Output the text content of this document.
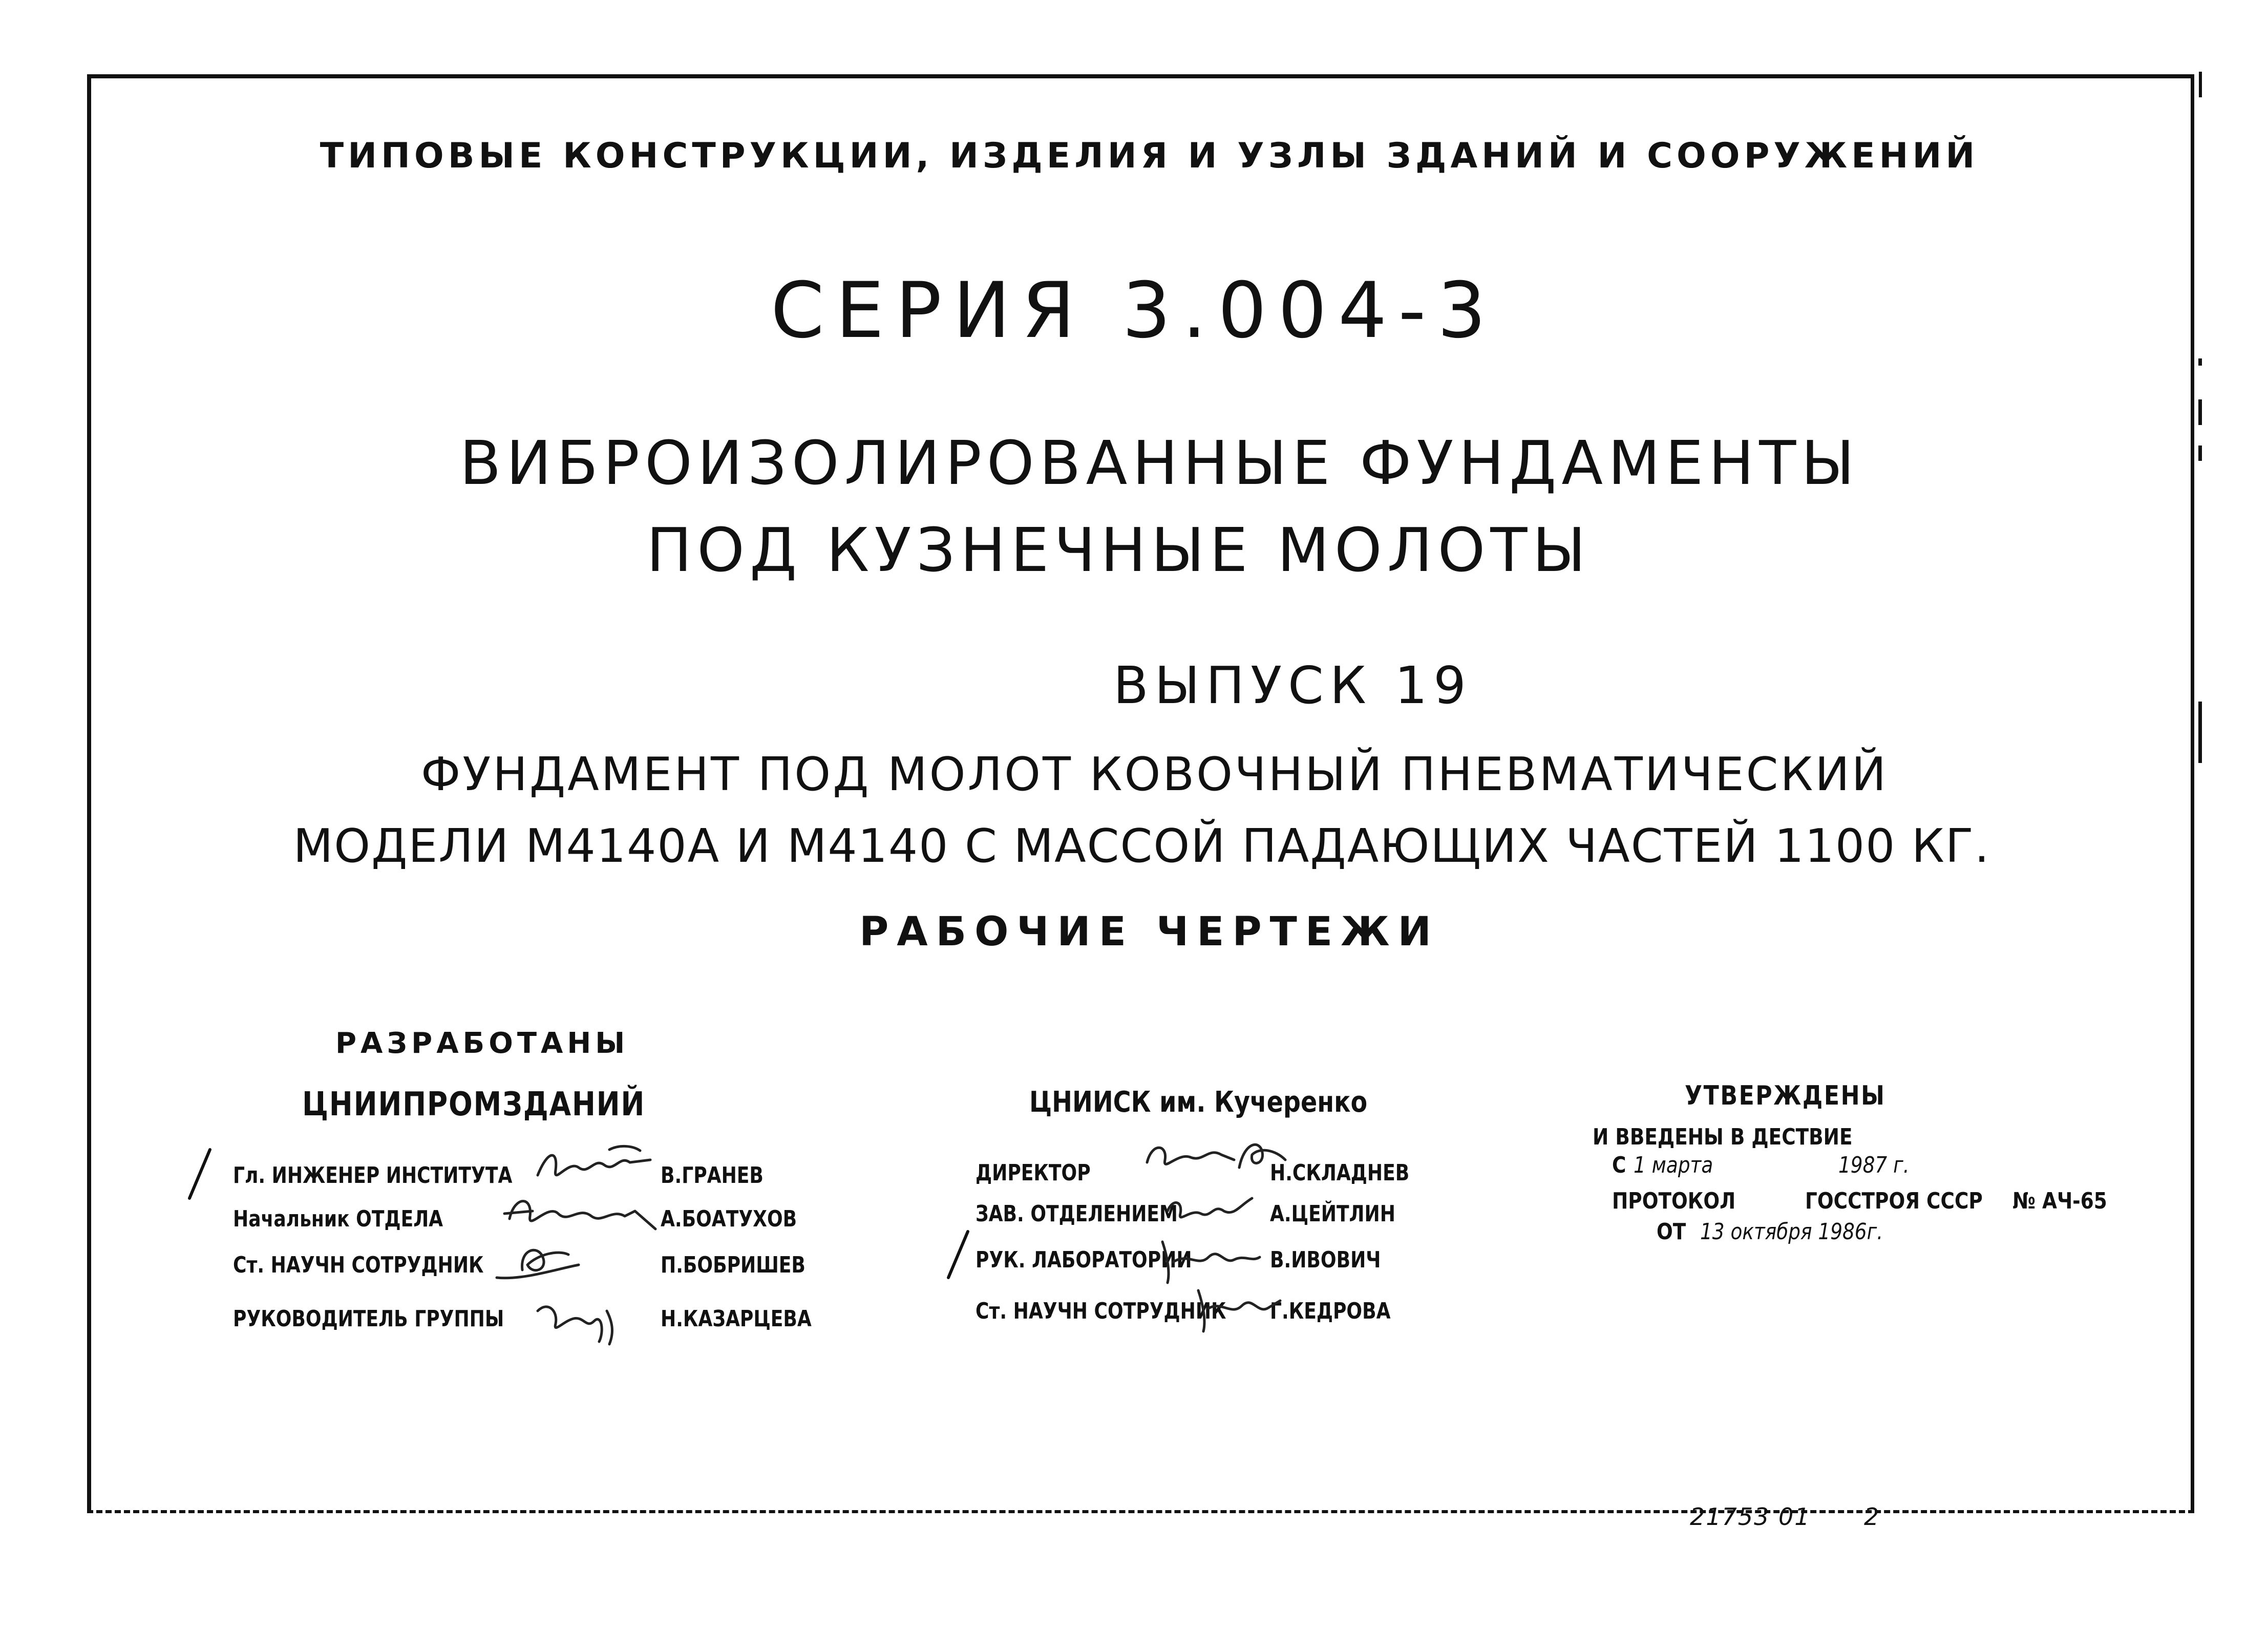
ТИПОВЫЕ КОНСТРУКЦИИ, ИЗДЕЛИЯ И УЗЛЫ ЗДАНИЙ И СООРУЖЕНИЙ
СЕРИЯ 3.004-3
ВИБРОИЗОЛИРОВАННЫЕ ФУНДАМЕНТЫ
ПОД КУЗНЕЧНЫЕ МОЛОТЫ
ВЫПУСК 19
ФУНДАМЕНТ ПОД МОЛОТ КОВОЧНЫЙ ПНЕВМАТИЧЕСКИЙ
МОДЕЛИ М4140А И М4140 С МАССОЙ ПАДАЮЩИХ ЧАСТЕЙ 1100 КГ.
РАБОЧИЕ ЧЕРТЕЖИ
РАЗРАБОТАНЫ
ЦНИИПРОМЗДАНИЙ
Гл. ИНЖЕНЕР ИНСТИТУТА	В.ГРАНЕВ
Начальник ОТДЕЛА	А.БОАТУХОВ
Ст. НАУЧН СОТРУДНИК	П.БОБРИШЕВ
РУКОВОДИТЕЛЬ ГРУППЫ	Н.КАЗАРЦЕВА
ЦНИИСК им. Кучеренко
ДИРЕКТОР	Н.СКЛАДНЕВ
ЗАВ. ОТДЕЛЕНИЕМ	А.ЦЕЙТЛИН
РУК. ЛАБОРАТОРИИ	В.ИВОВИЧ
Ст. НАУЧН СОТРУДНИК Г.КЕДРОВА
УТВЕРЖДЕНЫ
И ВВЕДЕНЫ В ДЕСТВИЕ
С 1 марта	1987 г.
ПРОТОКОЛ	ГОССТРОЯ СССР № АЧ-65
ОТ 13 октября 1986г.
21753 01 2
